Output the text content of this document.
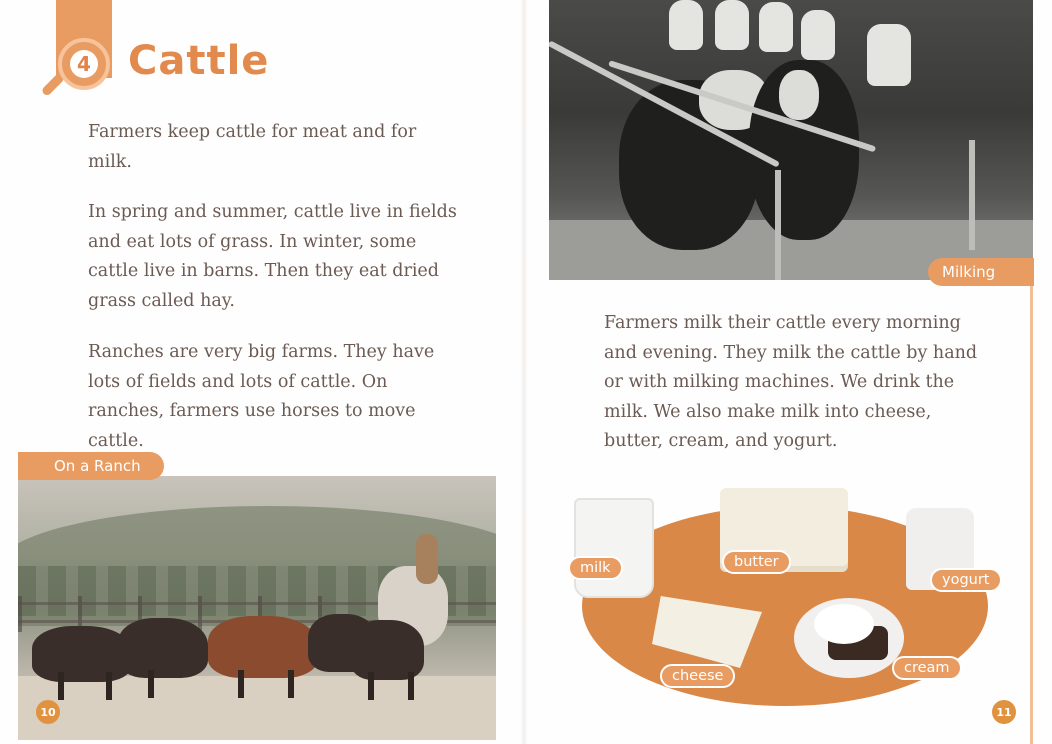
4 Cattle

Farmers keep cattle for meat and for milk.

In spring and summer, cattle live in fields and eat lots of grass. In winter, some cattle live in barns. Then they eat dried grass called hay.

Ranches are very big farms. They have lots of fields and lots of cattle. On ranches, farmers use horses to move cattle.

On a Ranch
10
Milking

Farmers milk their cattle every morning and evening. They milk the cattle by hand or with milking machines. We drink the milk. We also make milk into cheese, butter, cream, and yogurt.

milk	butter
yogurt
cheese	cream
11
